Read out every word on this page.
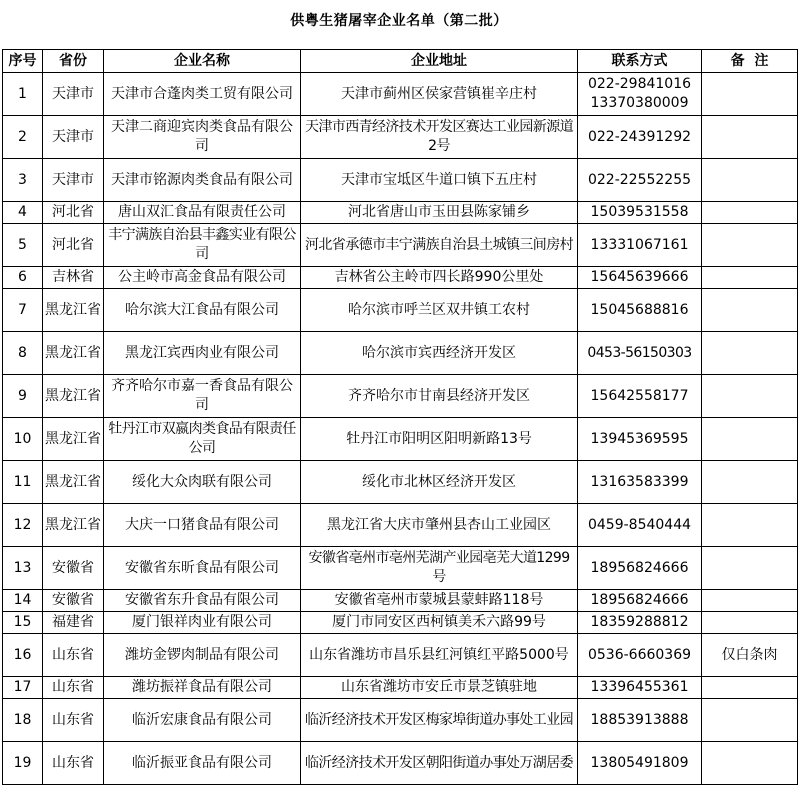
供粤生猪屠宰企业名单（第二批）
序号	省份	企业名称	企业地址	联系方式	备  注
1	天津市	天津市合蓬肉类工贸有限公司	天津市蓟州区侯家营镇崔辛庄村	022-29841016
13370380009	
2	天津市	天津二商迎宾肉类食品有限公司	天津市西青经济技术开发区赛达工业园新源道2号	022-24391292	
3	天津市	天津市铭源肉类食品有限公司	天津市宝坻区牛道口镇下五庄村	022-22552255	
4	河北省	唐山双汇食品有限责任公司	河北省唐山市玉田县陈家铺乡	15039531558	
5	河北省	丰宁满族自治县丰鑫实业有限公司	河北省承德市丰宁满族自治县土城镇三间房村	13331067161	
6	吉林省	公主岭市高金食品有限公司	吉林省公主岭市四长路990公里处	15645639666	
7	黑龙江省	哈尔滨大江食品有限公司	哈尔滨市呼兰区双井镇工农村	15045688816	
8	黑龙江省	黑龙江宾西肉业有限公司	哈尔滨市宾西经济开发区	0453-56150303	
9	黑龙江省	齐齐哈尔市嘉一香食品有限公司	齐齐哈尔市甘南县经济开发区	15642558177	
10	黑龙江省	牡丹江市双嬴肉类食品有限责任公司	牡丹江市阳明区阳明新路13号	13945369595	
11	黑龙江省	绥化大众肉联有限公司	绥化市北林区经济开发区	13163583399	
12	黑龙江省	大庆一口猪食品有限公司	黑龙江省大庆市肇州县杏山工业园区	0459-8540444	
13	安徽省	安徽省东昕食品有限公司	安徽省亳州市亳州芜湖产业园亳芜大道1299号	18956824666	
14	安徽省	安徽省东升食品有限公司	安徽省亳州市蒙城县蒙蚌路118号	18956824666	
15	福建省	厦门银祥肉业有限公司	厦门市同安区西柯镇美禾六路99号	18359288812	
16	山东省	潍坊金锣肉制品有限公司	山东省潍坊市昌乐县红河镇红平路5000号	0536-6660369	仅白条肉
17	山东省	潍坊振祥食品有限公司	山东省潍坊市安丘市景芝镇驻地	13396455361	
18	山东省	临沂宏康食品有限公司	临沂经济技术开发区梅家埠街道办事处工业园	18853913888	
19	山东省	临沂振亚食品有限公司	临沂经济技术开发区朝阳街道办事处万湖居委	13805491809	
